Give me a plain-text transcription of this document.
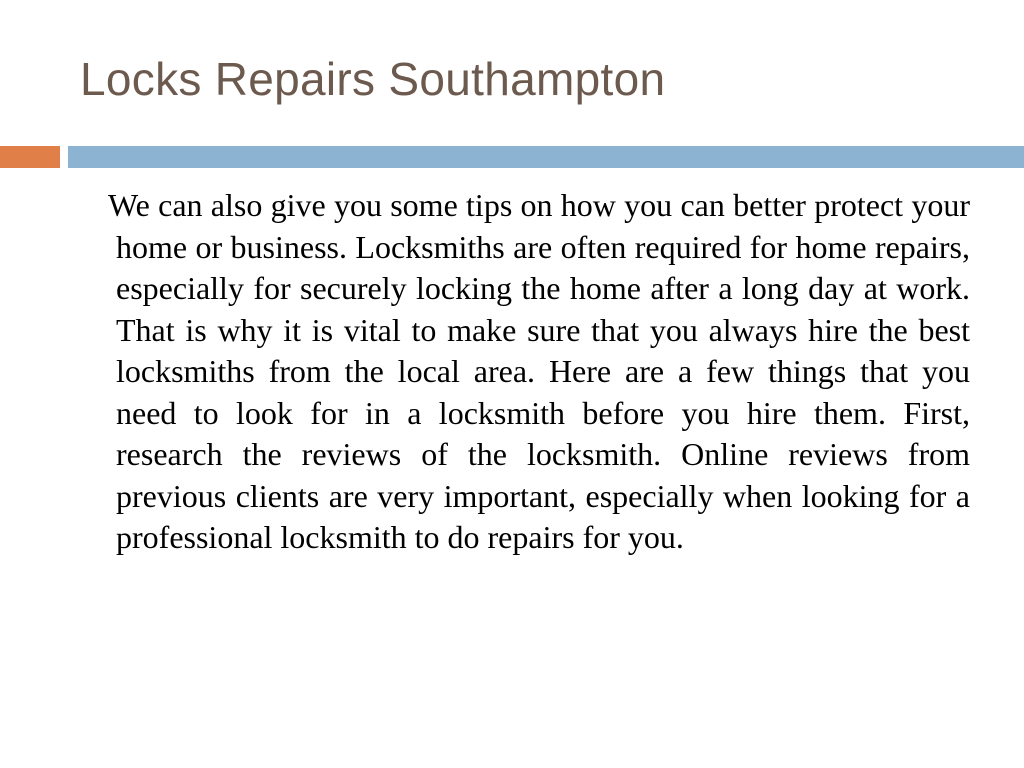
Locks Repairs Southampton

We can also give you some tips on how you can better protect your home or business. Locksmiths are often required for home repairs, especially for securely locking the home after a long day at work. That is why it is vital to make sure that you always hire the best locksmiths from the local area. Here are a few things that you need to look for in a locksmith before you hire them. First, research the reviews of the locksmith. Online reviews from previous clients are very important, especially when looking for a professional locksmith to do repairs for you.
